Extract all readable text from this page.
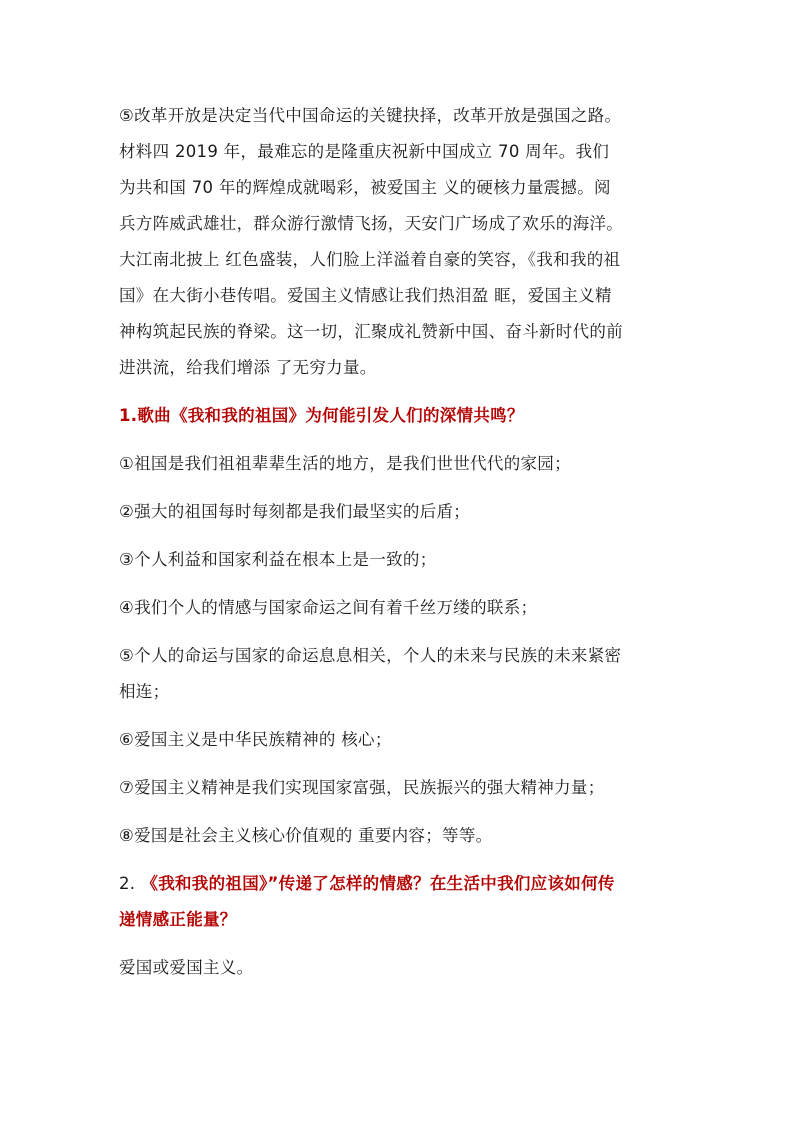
⑤改革开放是决定当代中国命运的关键抉择，改革开放是强国之路。
材料四 2019 年，最难忘的是隆重庆祝新中国成立 70 周年。我们
为共和国 70 年的辉煌成就喝彩，被爱国主 义的硬核力量震撼。阅
兵方阵威武雄壮，群众游行激情飞扬，天安门广场成了欢乐的海洋。
大江南北披上 红色盛装，人们脸上洋溢着自豪的笑容，《我和我的祖
国》在大街小巷传唱。爱国主义情感让我们热泪盈 眶，爱国主义精
神构筑起民族的脊梁。这一切，汇聚成礼赞新中国、奋斗新时代的前
进洪流，给我们增添 了无穷力量。
1.歌曲《我和我的祖国》为何能引发人们的深情共鸣？

①祖国是我们祖祖辈辈生活的地方，是我们世世代代的家园；

②强大的祖国每时每刻都是我们最坚实的后盾；

③个人利益和国家利益在根本上是一致的；

④我们个人的情感与国家命运之间有着千丝万缕的联系；

⑤个人的命运与国家的命运息息相关，个人的未来与民族的未来紧密
相连；

⑥爱国主义是中华民族精神的 核心；

⑦爱国主义精神是我们实现国家富强，民族振兴的强大精神力量；

⑧爱国是社会主义核心价值观的 重要内容；等等。

2. 《我和我的祖国》”传递了怎样的情感？在生活中我们应该如何传
递情感正能量？

爱国或爱国主义。
